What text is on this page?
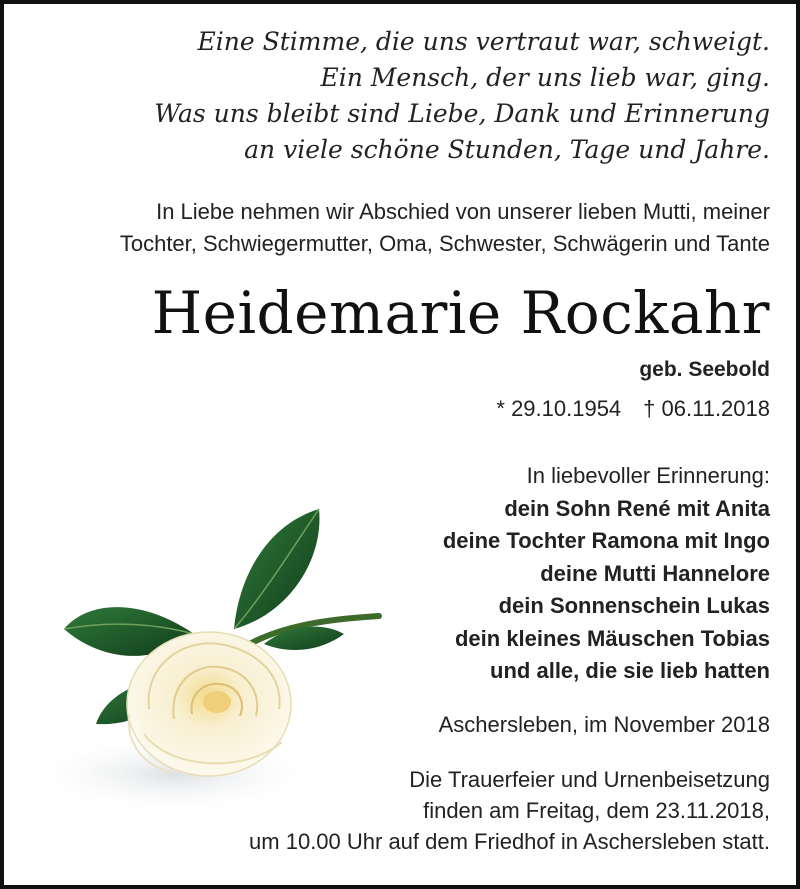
Eine Stimme, die uns vertraut war, schweigt.
Ein Mensch, der uns lieb war, ging.
Was uns bleibt sind Liebe, Dank und Erinnerung
an viele schöne Stunden, Tage und Jahre.
In Liebe nehmen wir Abschied von unserer lieben Mutti, meiner
Tochter, Schwiegermutter, Oma, Schwester, Schwägerin und Tante
Heidemarie Rockahr
geb. Seebold
* 29.10.1954 † 06.11.2018
In liebevoller Erinnerung:
dein Sohn René mit Anita
deine Tochter Ramona mit Ingo
deine Mutti Hannelore
dein Sonnenschein Lukas
dein kleines Mäuschen Tobias
und alle, die sie lieb hatten
Aschersleben, im November 2018
Die Trauerfeier und Urnenbeisetzung
finden am Freitag, dem 23.11.2018,
um 10.00 Uhr auf dem Friedhof in Aschersleben statt.
